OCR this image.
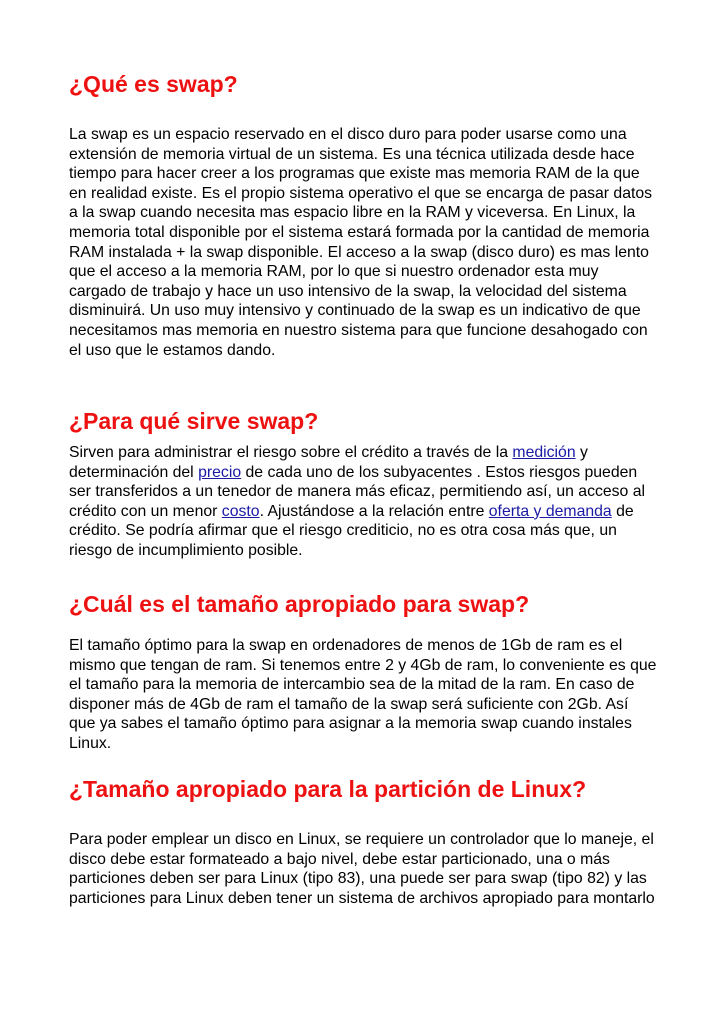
¿Qué es swap?

La swap es un espacio reservado en el disco duro para poder usarse como una extensión de memoria virtual de un sistema. Es una técnica utilizada desde hace tiempo para hacer creer a los programas que existe mas memoria RAM de la que en realidad existe. Es el propio sistema operativo el que se encarga de pasar datos a la swap cuando necesita mas espacio libre en la RAM y viceversa. En Linux, la memoria total disponible por el sistema estará formada por la cantidad de memoria RAM instalada + la swap disponible. El acceso a la swap (disco duro) es mas lento que el acceso a la memoria RAM, por lo que si nuestro ordenador esta muy cargado de trabajo y hace un uso intensivo de la swap, la velocidad del sistema disminuirá. Un uso muy intensivo y continuado de la swap es un indicativo de que necesitamos mas memoria en nuestro sistema para que funcione desahogado con el uso que le estamos dando.

¿Para qué sirve swap?

Sirven para administrar el riesgo sobre el crédito a través de la medición y determinación del precio de cada uno de los subyacentes . Estos riesgos pueden ser transferidos a un tenedor de manera más eficaz, permitiendo así, un acceso al crédito con un menor costo. Ajustándose a la relación entre oferta y demanda de crédito. Se podría afirmar que el riesgo crediticio, no es otra cosa más que, un riesgo de incumplimiento posible.

¿Cuál es el tamaño apropiado para swap?

El tamaño óptimo para la swap en ordenadores de menos de 1Gb de ram es el mismo que tengan de ram. Si tenemos entre 2 y 4Gb de ram, lo conveniente es que el tamaño para la memoria de intercambio sea de la mitad de la ram. En caso de disponer más de 4Gb de ram el tamaño de la swap será suficiente con 2Gb. Así que ya sabes el tamaño óptimo para asignar a la memoria swap cuando instales Linux.

¿Tamaño apropiado para la partición de Linux?

Para poder emplear un disco en Linux, se requiere un controlador que lo maneje, el disco debe estar formateado a bajo nivel, debe estar particionado, una o más particiones deben ser para Linux (tipo 83), una puede ser para swap (tipo 82) y las particiones para Linux deben tener un sistema de archivos apropiado para montarlo
